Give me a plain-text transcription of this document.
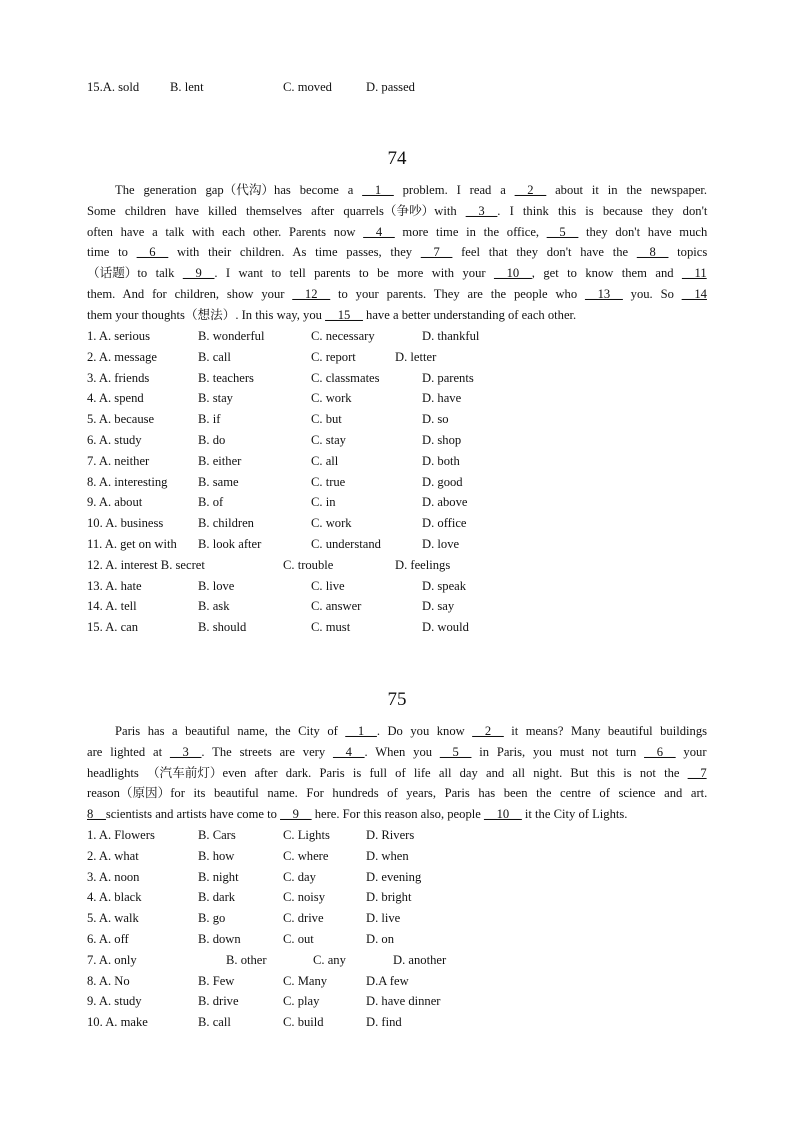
15.A. sold B. lent	C. moved	D. passed
74
The generation gap（代沟）has become a __1__ problem. I read a __2__ about it in the newspaper.
Some children have killed themselves after quarrels（争吵）with __3__. I think this is because they don't
often have a talk with each other. Parents now __4__ more time in the office, __5__ they don't have much
time to __6__ with their children. As time passes, they __7__ feel that they don't have the __8__ topics
（话题）to talk __9__. I want to tell parents to be more with your __10__, get to know them and __11
them. And for children, show your __12__ to your parents. They are the people who __13__ you. So __14
them your thoughts（想法）. In this way, you __15__ have a better understanding of each other.
1. A. serious	B. wonderful	C. necessary	D. thankful
2. A. message	B. call	C. report	D. letter
3. A. friends	B. teachers	C. classmates	D. parents
4. A. spend	B. stay	C. work	D. have
5. A. because	B. if	C. but	D. so
6. A. study	B. do	C. stay	D. shop
7. A. neither	B. either	C. all	D. both
8. A. interesting B. same	C. true	D. good
9. A. about	B. of	C. in	D. above
10. A. business	B. children	C. work	D. office
11. A. get on with B. look after	C. understand	D. love
12. A. interest B. secret	C. trouble	D. feelings
13. A. hate	B. love	C. live	D. speak
14. A. tell	B. ask	C. answer	D. say
15. A. can	B. should	C. must	D. would
75
Paris has a beautiful name, the City of __1__. Do you know __2__ it means? Many beautiful buildings
are lighted at __3__. The streets are very __4__. When you __5__ in Paris, you must not turn __6__ your
headlights （汽车前灯）even after dark. Paris is full of life all day and all night. But this is not the __7
reason（原因）for its beautiful name. For hundreds of years, Paris has been the centre of science and art.
8__scientists and artists have come to __9__ here. For this reason also, people __10__ it the City of Lights.
1. A. Flowers	B. Cars	C. Lights	D. Rivers
2. A. what	B. how	C. where	D. when
3. A. noon	B. night	C. day	D. evening
4. A. black	B. dark	C. noisy	D. bright
5. A. walk	B. go	C. drive	D. live
6. A. off	B. down	C. out	D. on
7. A. only	B. other	C. any	D. another
8. A. No	B. Few	C. Many	D.A few
9. A. study	B. drive	C. play	D. have dinner
10. A. make	B. call	C. build	D. find
